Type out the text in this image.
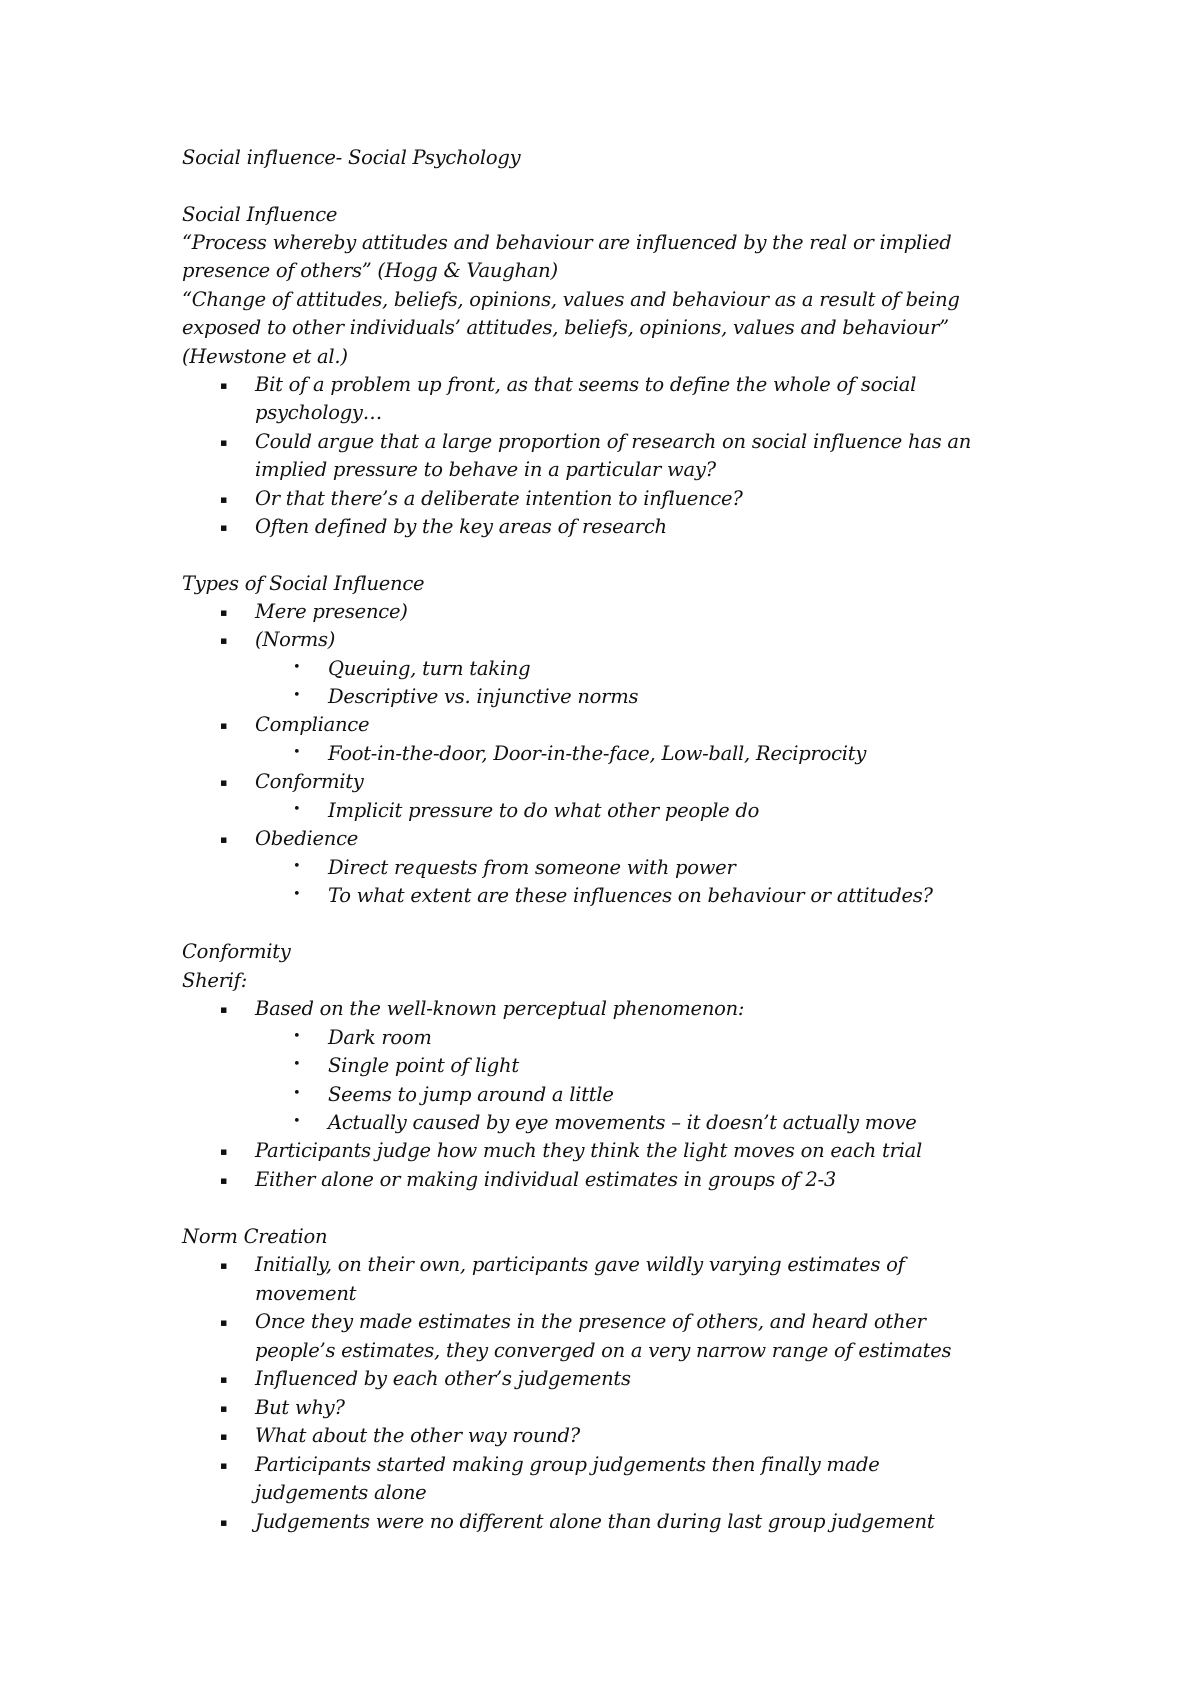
Social influence- Social Psychology
Social Influence
“Process whereby attitudes and behaviour are influenced by the real or implied
presence of others” (Hogg & Vaughan)
“Change of attitudes, beliefs, opinions, values and behaviour as a result of being
exposed to other individuals’ attitudes, beliefs, opinions, values and behaviour”
(Hewstone et al.)
▪ Bit of a problem up front, as that seems to define the whole of social
psychology…
▪ Could argue that a large proportion of research on social influence has an
implied pressure to behave in a particular way?
▪ Or that there’s a deliberate intention to influence?
▪ Often defined by the key areas of research
Types of Social Influence
▪ Mere presence)
▪ (Norms)
• Queuing, turn taking
• Descriptive vs. injunctive norms
▪ Compliance
• Foot-in-the-door, Door-in-the-face, Low-ball, Reciprocity
▪ Conformity
• Implicit pressure to do what other people do
▪ Obedience
• Direct requests from someone with power
• To what extent are these influences on behaviour or attitudes?
Conformity
Sherif:
▪ Based on the well-known perceptual phenomenon:
• Dark room
• Single point of light
• Seems to jump around a little
• Actually caused by eye movements – it doesn’t actually move
▪ Participants judge how much they think the light moves on each trial
▪ Either alone or making individual estimates in groups of 2-3
Norm Creation
▪ Initially, on their own, participants gave wildly varying estimates of
movement
▪ Once they made estimates in the presence of others, and heard other
people’s estimates, they converged on a very narrow range of estimates
▪ Influenced by each other’s judgements
▪ But why?
▪ What about the other way round?
▪ Participants started making group judgements then finally made
judgements alone
▪ Judgements were no different alone than during last group judgement
